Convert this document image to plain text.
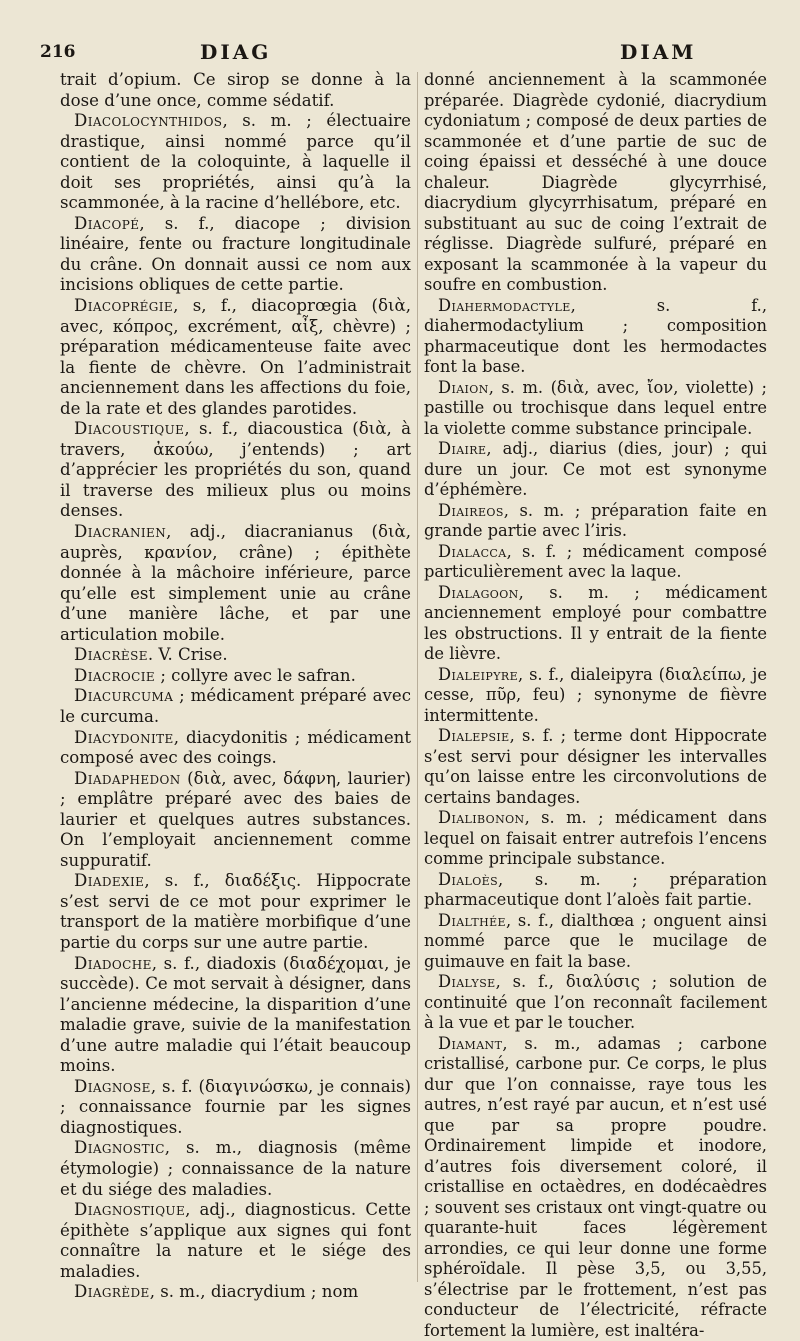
216	DIAG	DIAM

trait d’opium. Ce sirop se donne à la dose d’une once, comme sédatif.

Diacolocynthidos, s. m. ; électuaire drastique, ainsi nommé parce qu’il contient de la coloquinte, à laquelle il doit ses propriétés, ainsi qu’à la scammonée, à la racine d’hellébore, etc.

Diacopé, s. f., diacope ; division linéaire, fente ou fracture longitudinale du crâne. On donnait aussi ce nom aux incisions obliques de cette partie.

Diacoprégie, s, f., diacoprœgia (διὰ, avec, κόπρος, excrément, αἶξ, chèvre) ; préparation médicamenteuse faite avec la fiente de chèvre. On l’administrait anciennement dans les affections du foie, de la rate et des glandes parotides.

Diacoustique, s. f., diacoustica (διὰ, à travers, ἀκούω, j’entends) ; art d’apprécier les propriétés du son, quand il traverse des milieux plus ou moins denses.

Diacranien, adj., diacranianus (διὰ, auprès, κρανίον, crâne) ; épithète donnée à la mâchoire inférieure, parce qu’elle est simplement unie au crâne d’une manière lâche, et par une articulation mobile.

Diacrèse. V. Crise.

Diacrocie ; collyre avec le safran.

Diacurcuma ; médicament préparé avec le curcuma.

Diacydonite, diacydonitis ; médicament composé avec des coings.

Diadaphedon (διὰ, avec, δάφνη, laurier) ; emplâtre préparé avec des baies de laurier et quelques autres substances. On l’employait anciennement comme suppuratif.

Diadexie, s. f., διαδέξις. Hippocrate s’est servi de ce mot pour exprimer le transport de la matière morbifique d’une partie du corps sur une autre partie.

Diadoche, s. f., diadoxis (διαδέχομαι, je succède). Ce mot servait à désigner, dans l’ancienne médecine, la disparition d’une maladie grave, suivie de la manifestation d’une autre maladie qui l’était beaucoup moins.

Diagnose, s. f. (διαγινώσκω, je connais) ; connaissance fournie par les signes diagnostiques.

Diagnostic, s. m., diagnosis (même étymologie) ; connaissance de la nature et du siége des maladies.

Diagnostique, adj., diagnosticus. Cette épithète s’applique aux signes qui font connaître la nature et le siége des maladies.

Diagrède, s. m., diacrydium ; nom

donné anciennement à la scammonée préparée. Diagrède cydonié, diacrydium cydoniatum ; composé de deux parties de scammonée et d’une partie de suc de coing épaissi et desséché à une douce chaleur. Diagrède glycyrrhisé, diacrydium glycyrrhisatum, préparé en substituant au suc de coing l’extrait de réglisse. Diagrède sulfuré, préparé en exposant la scammonée à la vapeur du soufre en combustion.

Diahermodactyle, s. f., diahermodactylium ; composition pharmaceutique dont les hermodactes font la base.

Diaion, s. m. (διὰ, avec, ἴον, violette) ; pastille ou trochisque dans lequel entre la violette comme substance principale.

Diaire, adj., diarius (dies, jour) ; qui dure un jour. Ce mot est synonyme d’éphémère.

Diaireos, s. m. ; préparation faite en grande partie avec l’iris.

Dialacca, s. f. ; médicament composé particulièrement avec la laque.

Dialagoon, s. m. ; médicament anciennement employé pour combattre les obstructions. Il y entrait de la fiente de lièvre.

Dialeipyre, s. f., dialeipyra (διαλείπω, je cesse, πῦρ, feu) ; synonyme de fièvre intermittente.

Dialepsie, s. f. ; terme dont Hippocrate s’est servi pour désigner les intervalles qu’on laisse entre les circonvolutions de certains bandages.

Dialibonon, s. m. ; médicament dans lequel on faisait entrer autrefois l’encens comme principale substance.

Dialoès, s. m. ; préparation pharmaceutique dont l’aloès fait partie.

Dialthée, s. f., dialthœa ; onguent ainsi nommé parce que le mucilage de guimauve en fait la base.

Dialyse, s. f., διαλύσις ; solution de continuité que l’on reconnaît facilement à la vue et par le toucher.

Diamant, s. m., adamas ; carbone cristallisé, carbone pur. Ce corps, le plus dur que l’on connaisse, raye tous les autres, n’est rayé par aucun, et n’est usé que par sa propre poudre. Ordinairement limpide et inodore, d’autres fois diversement coloré, il cristallise en octaèdres, en dodécaèdres ; souvent ses cristaux ont vingt-quatre ou quarante-huit faces légèrement arrondies, ce qui leur donne une forme sphéroïdale. Il pèse 3,5, ou 3,55, s’électrise par le frottement, n’est pas conducteur de l’électricité, réfracte fortement la lumière, est inaltéra-
